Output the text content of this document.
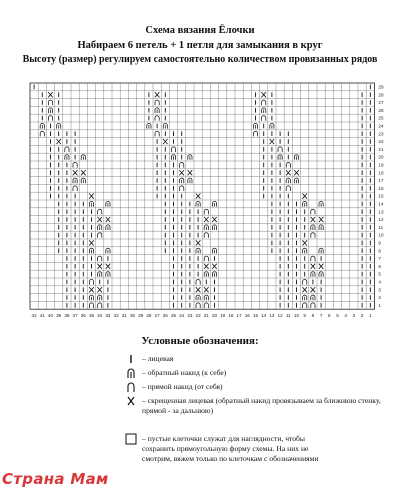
Схема вязания Ёлочки
Набираем 6 петель + 1 петля для замыкания в круг
Высоту (размер) регулируем самостоятельно количеством провязанных рядов
42 41 40 39 38 37 36 35 34 33 32 31 30 29 28 27 26 25 24 23 22 21 20 19 18 17 16 15 14 13 12 11 10 9 8 7 6 5 4 3 2 1
29
28
27
26
25
24
23
22
21
20
19
18
17
16
15
14
13
12
11
10
9
8
7
6
5
4
3
2
1
Условные обозначения:
– лицевая
– обратный накид (к себе)
– прямой накид (от себя)
– скрещенная лицевая (обратный накид провязываем за ближнюю стенку, прямой - за дальнюю)
– пустые клеточки служат для наглядности, чтобы сохранить прямоугольную форму схемы. На них не смотрим, вяжем только по клеточкам с обозначениями
Страна Мам
